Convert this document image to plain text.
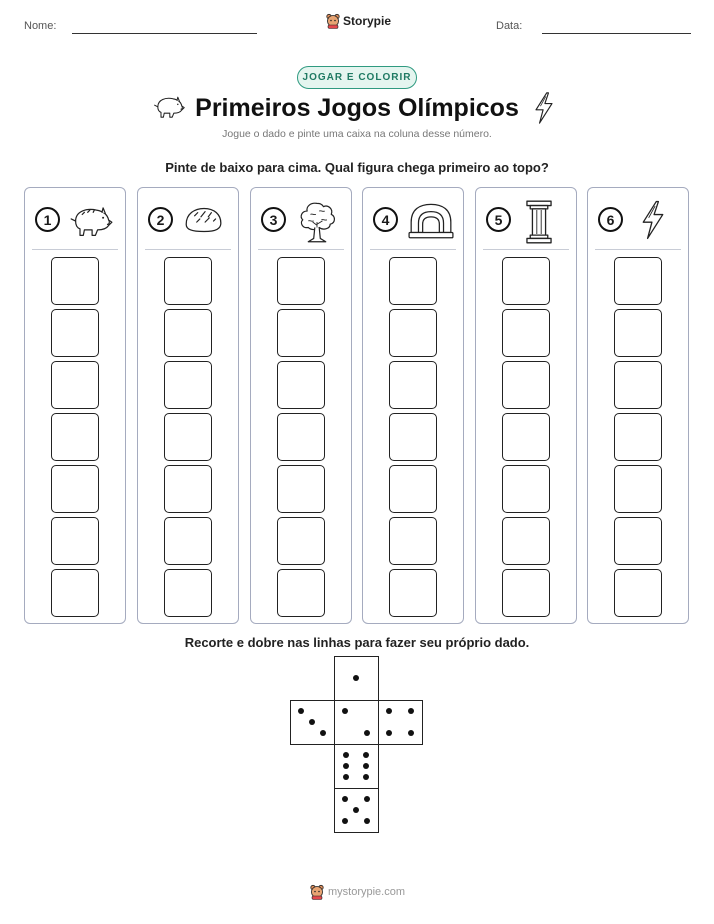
Nome:	Storypie	Data:
JOGAR E COLORIR
Primeiros Jogos Olímpicos
Jogue o dado e pinte uma caixa na coluna desse número.
Pinte de baixo para cima. Qual figura chega primeiro ao topo?
1	2	3	4	5	6
Recorte e dobre nas linhas para fazer seu próprio dado.
mystorypie.com
